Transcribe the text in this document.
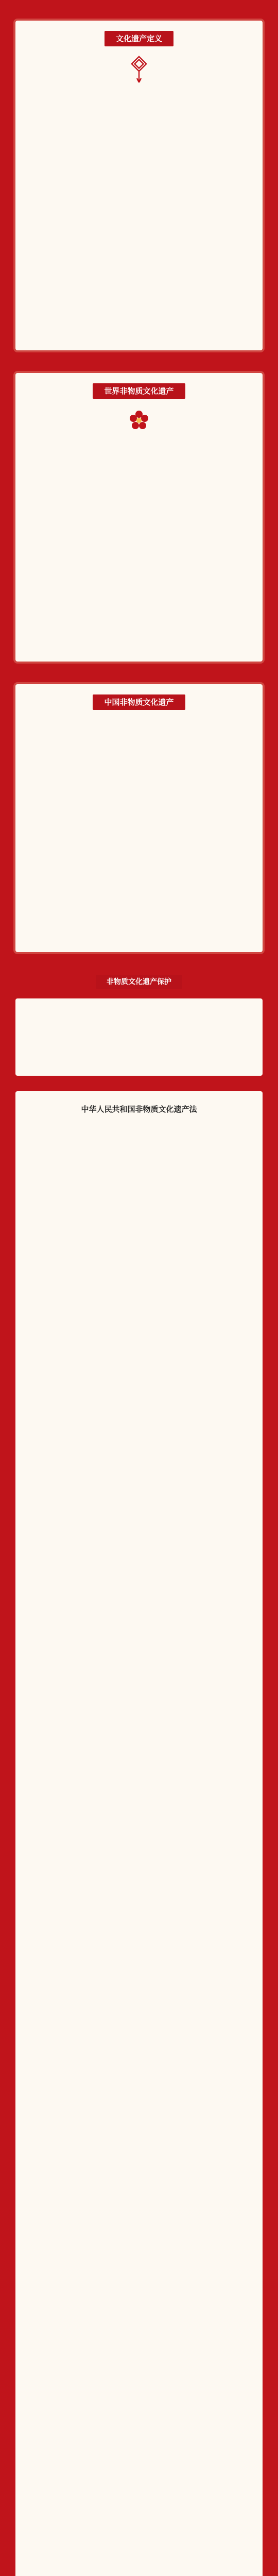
文化遗产定义

世界非物质文化遗产

中国非物质文化遗产

非物质文化遗产保护

中华人民共和国非物质文化遗产法
